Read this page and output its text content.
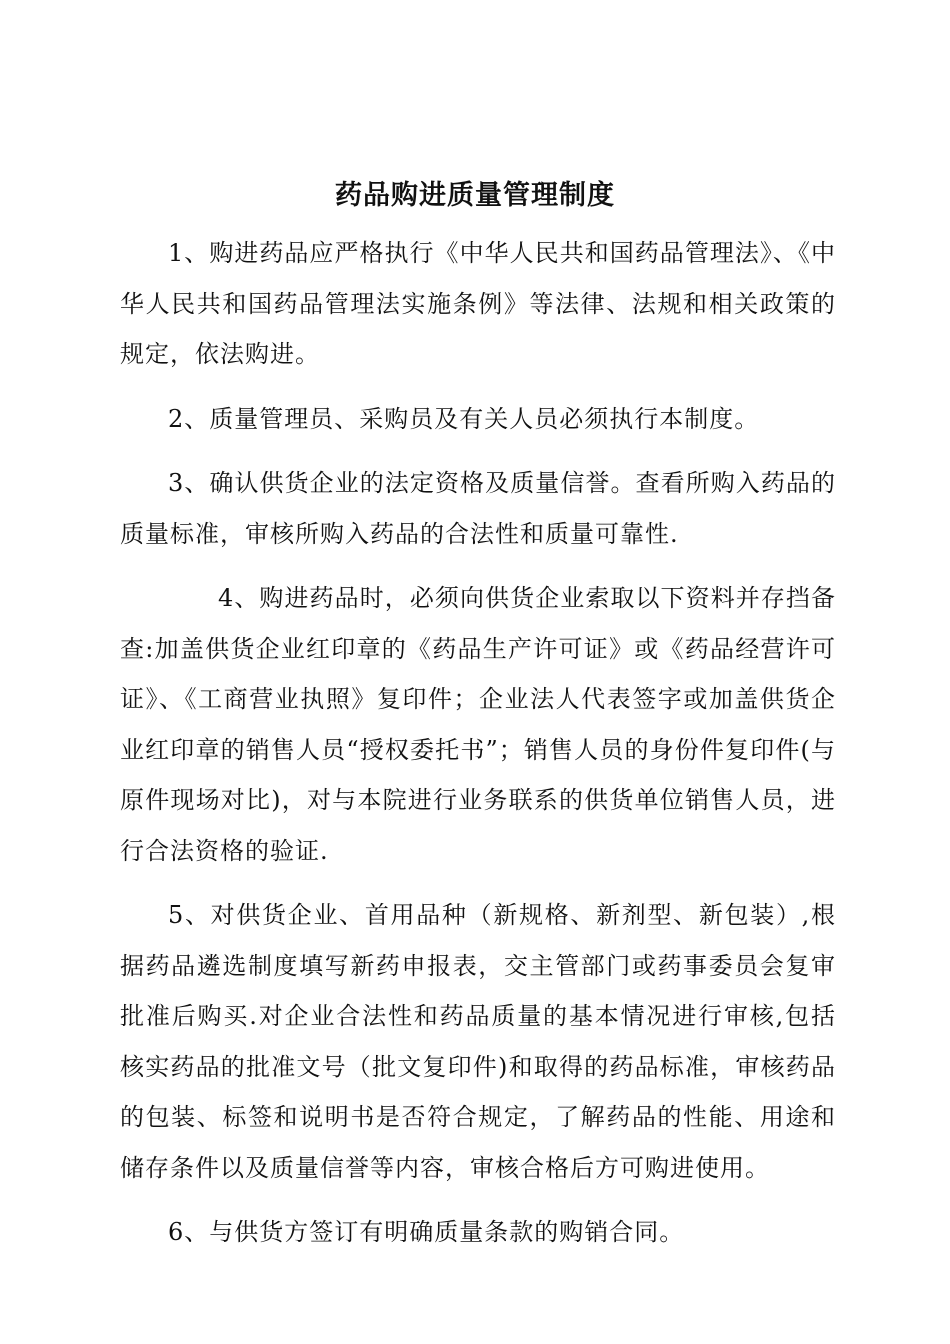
药品购进质量管理制度

1、购进药品应严格执行《中华人民共和国药品管理法》、《中华人民共和国药品管理法实施条例》等法律、法规和相关政策的规定，依法购进。

2、质量管理员、采购员及有关人员必须执行本制度。

3、确认供货企业的法定资格及质量信誉。查看所购入药品的质量标准，审核所购入药品的合法性和质量可靠性.

4、购进药品时，必须向供货企业索取以下资料并存挡备查:加盖供货企业红印章的《药品生产许可证》或《药品经营许可证》、《工商营业执照》复印件；企业法人代表签字或加盖供货企业红印章的销售人员“授权委托书”；销售人员的身份件复印件(与原件现场对比)，对与本院进行业务联系的供货单位销售人员，进行合法资格的验证.

5、对供货企业、首用品种（新规格、新剂型、新包装）,根据药品遴选制度填写新药申报表，交主管部门或药事委员会复审批准后购买.对企业合法性和药品质量的基本情况进行审核,包括核实药品的批准文号（批文复印件)和取得的药品标准，审核药品的包装、标签和说明书是否符合规定，了解药品的性能、用途和储存条件以及质量信誉等内容，审核合格后方可购进使用。

6、与供货方签订有明确质量条款的购销合同。
